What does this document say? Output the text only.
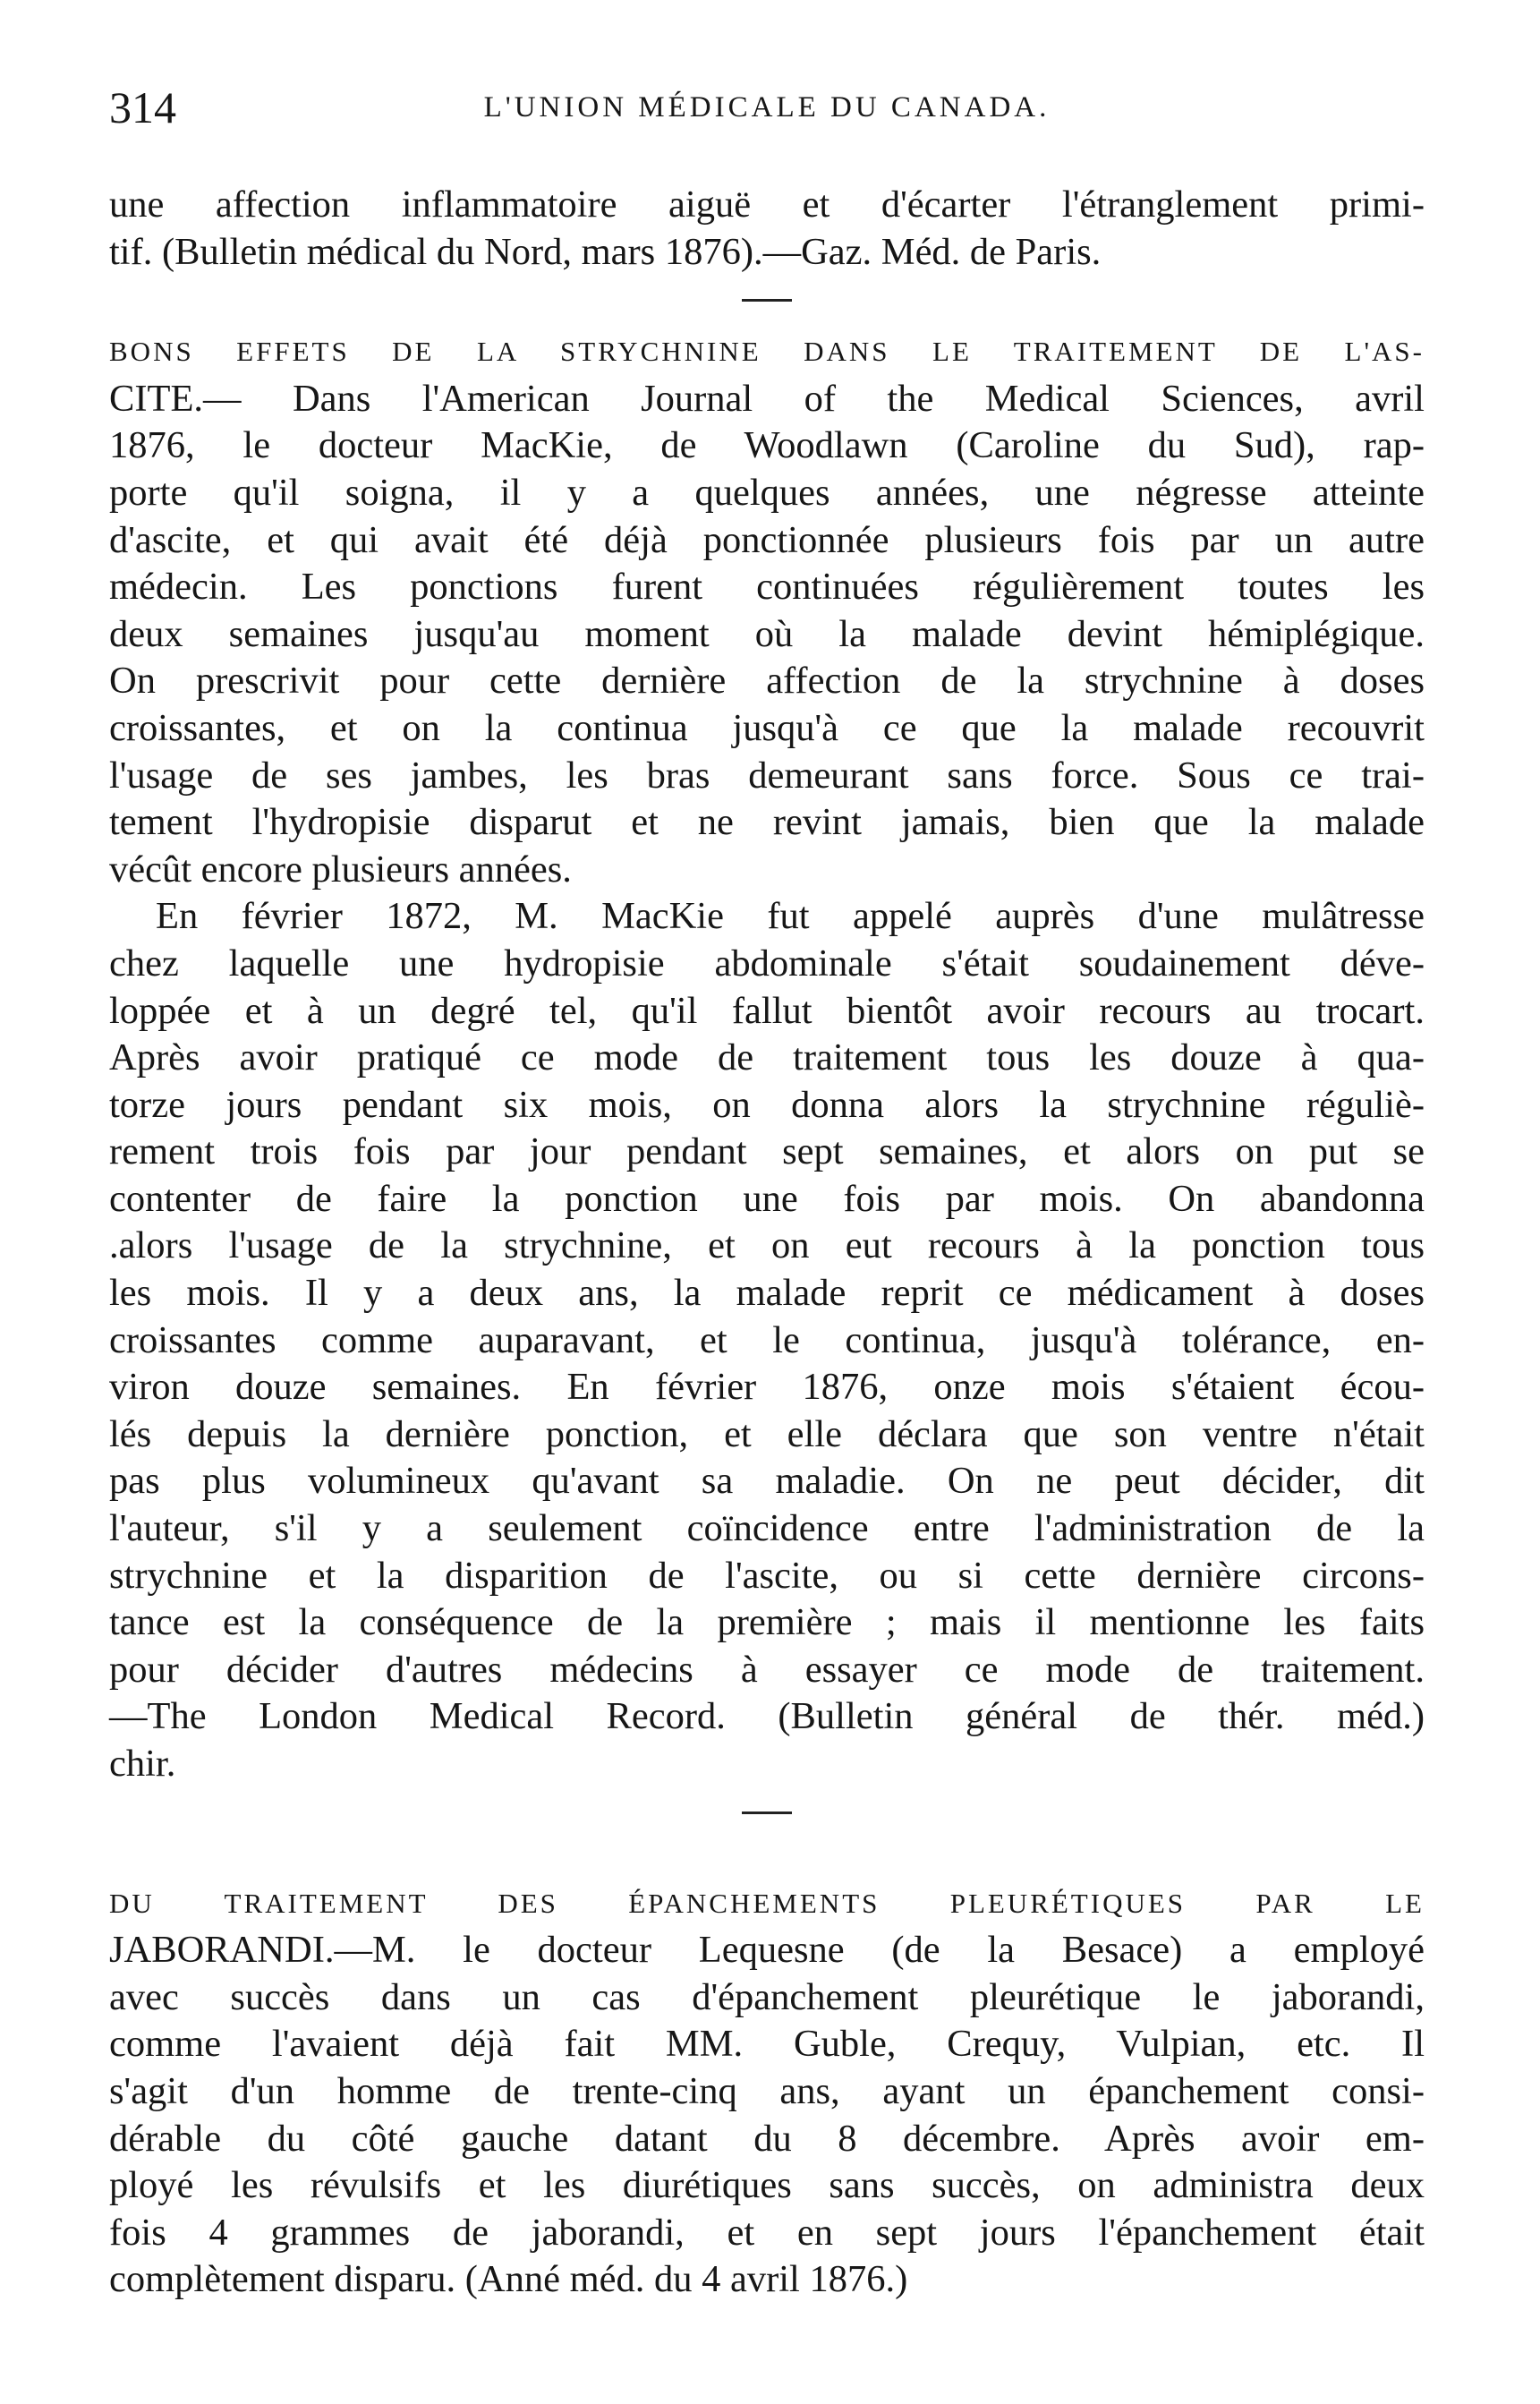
314	L'UNION MÉDICALE DU CANADA.
une affection inflammatoire aiguë et d'écarter l'étranglement primi-
tif. (Bulletin médical du Nord, mars 1876).—Gaz. Méd. de Paris.
BONS EFFETS DE LA STRYCHNINE DANS LE TRAITEMENT DE L'AS-
CITE.— Dans l'American Journal of the Medical Sciences, avril
1876, le docteur MacKie, de Woodlawn (Caroline du Sud), rap-
porte qu'il soigna, il y a quelques années, une négresse atteinte
d'ascite, et qui avait été déjà ponctionnée plusieurs fois par un autre
médecin. Les ponctions furent continuées régulièrement toutes les
deux semaines jusqu'au moment où la malade devint hémiplégique.
On prescrivit pour cette dernière affection de la strychnine à doses
croissantes, et on la continua jusqu'à ce que la malade recouvrit
l'usage de ses jambes, les bras demeurant sans force. Sous ce trai-
tement l'hydropisie disparut et ne revint jamais, bien que la malade
vécût encore plusieurs années.
En février 1872, M. MacKie fut appelé auprès d'une mulâtresse
chez laquelle une hydropisie abdominale s'était soudainement déve-
loppée et à un degré tel, qu'il fallut bientôt avoir recours au trocart.
Après avoir pratiqué ce mode de traitement tous les douze à qua-
torze jours pendant six mois, on donna alors la strychnine réguliè-
rement trois fois par jour pendant sept semaines, et alors on put se
contenter de faire la ponction une fois par mois. On abandonna
.alors l'usage de la strychnine, et on eut recours à la ponction tous
les mois. Il y a deux ans, la malade reprit ce médicament à doses
croissantes comme auparavant, et le continua, jusqu'à tolérance, en-
viron douze semaines. En février 1876, onze mois s'étaient écou-
lés depuis la dernière ponction, et elle déclara que son ventre n'était
pas plus volumineux qu'avant sa maladie. On ne peut décider, dit
l'auteur, s'il y a seulement coïncidence entre l'administration de la
strychnine et la disparition de l'ascite, ou si cette dernière circons-
tance est la conséquence de la première ; mais il mentionne les faits
pour décider d'autres médecins à essayer ce mode de traitement.
—The London Medical Record. (Bulletin général de thér. méd.)
chir.
DU TRAITEMENT DES ÉPANCHEMENTS PLEURÉTIQUES PAR LE
JABORANDI.—M. le docteur Lequesne (de la Besace) a employé
avec succès dans un cas d'épanchement pleurétique le jaborandi,
comme l'avaient déjà fait MM. Guble, Crequy, Vulpian, etc. Il
s'agit d'un homme de trente-cinq ans, ayant un épanchement consi-
dérable du côté gauche datant du 8 décembre. Après avoir em-
ployé les révulsifs et les diurétiques sans succès, on administra deux
fois 4 grammes de jaborandi, et en sept jours l'épanchement était
complètement disparu. (Anné méd. du 4 avril 1876.)
